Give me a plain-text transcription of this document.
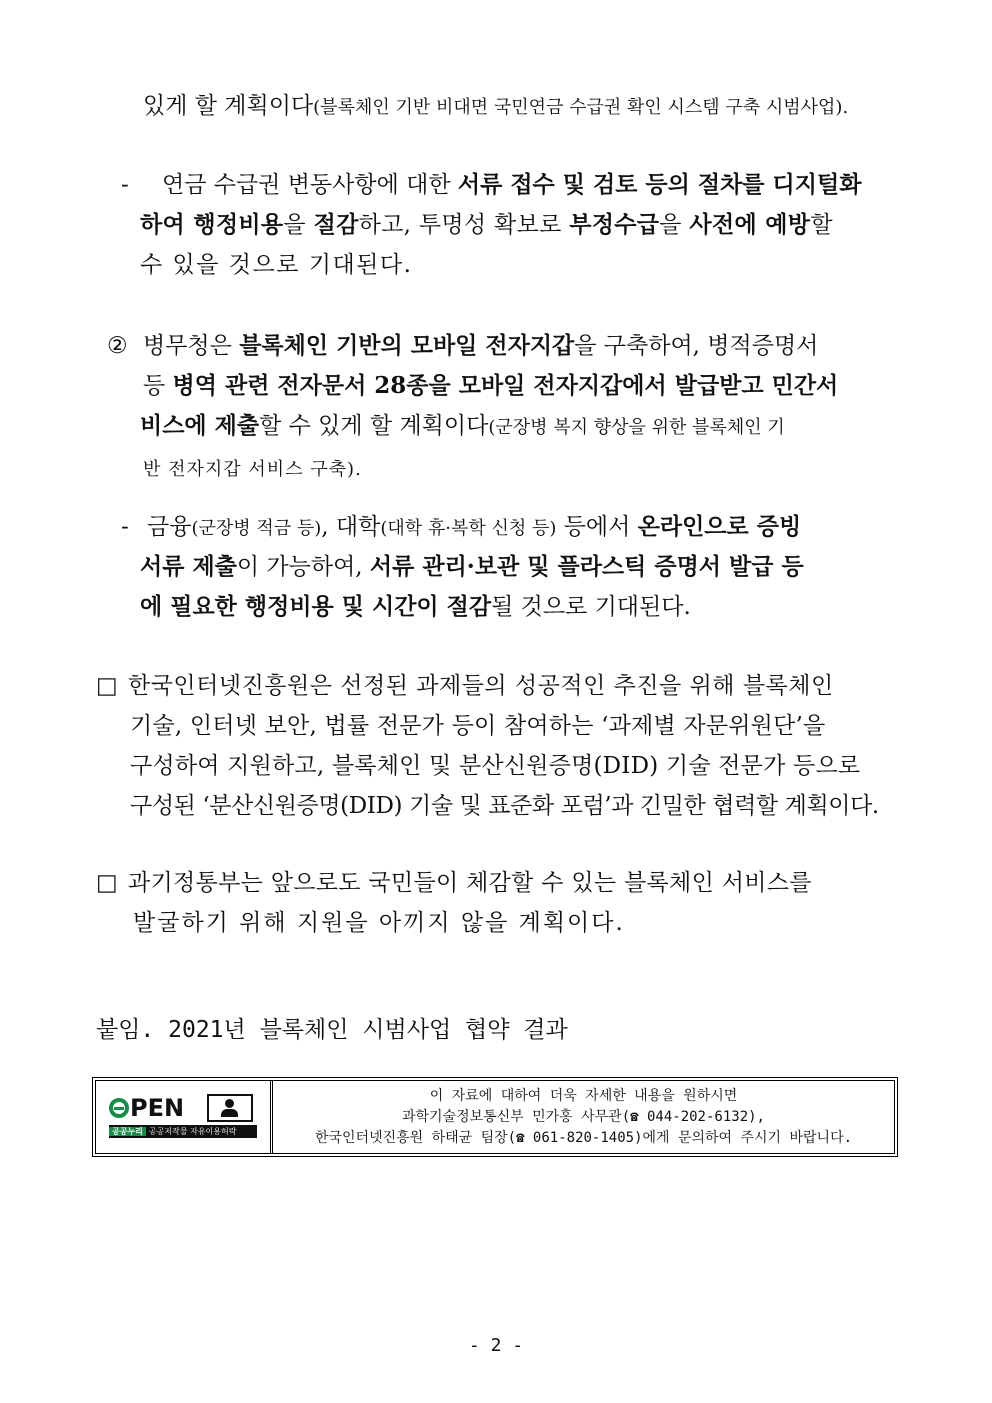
있게 할 계획이다(블록체인 기반 비대면 국민연금 수급권 확인 시스템 구축 시범사업).
- 연금 수급권 변동사항에 대한 서류 접수 및 검토 등의 절차를 디지털화
하여 행정비용을 절감하고, 투명성 확보로 부정수급을 사전에 예방할
수 있을 것으로 기대된다.
② 병무청은 블록체인 기반의 모바일 전자지갑을 구축하여, 병적증명서
등 병역 관련 전자문서 28종을 모바일 전자지갑에서 발급받고 민간서
비스에 제출할 수 있게 할 계획이다(군장병 복지 향상을 위한 블록체인 기
반 전자지갑 서비스 구축).
- 금융(군장병 적금 등), 대학(대학 휴·복학 신청 등) 등에서 온라인으로 증빙
서류 제출이 가능하여, 서류 관리·보관 및 플라스틱 증명서 발급 등
에 필요한 행정비용 및 시간이 절감될 것으로 기대된다.
□ 한국인터넷진흥원은 선정된 과제들의 성공적인 추진을 위해 블록체인
기술, 인터넷 보안, 법률 전문가 등이 참여하는 ‘과제별 자문위원단’을
구성하여 지원하고, 블록체인 및 분산신원증명(DID) 기술 전문가 등으로
구성된 ‘분산신원증명(DID) 기술 및 표준화 포럼’과 긴밀한 협력할 계획이다.
□ 과기정통부는 앞으로도 국민들이 체감할 수 있는 블록체인 서비스를
발굴하기 위해 지원을 아끼지 않을 계획이다.
붙임. 2021년 블록체인 시범사업 협약 결과
PEN
공공누리 공공저작물 자유이용허락
이 자료에 대하여 더욱 자세한 내용을 원하시면
과학기술정보통신부 민가홍 사무관(☎ 044-202-6132),
한국인터넷진흥원 하태균 팀장(☎ 061-820-1405)에게 문의하여 주시기 바랍니다.
- 2 -
